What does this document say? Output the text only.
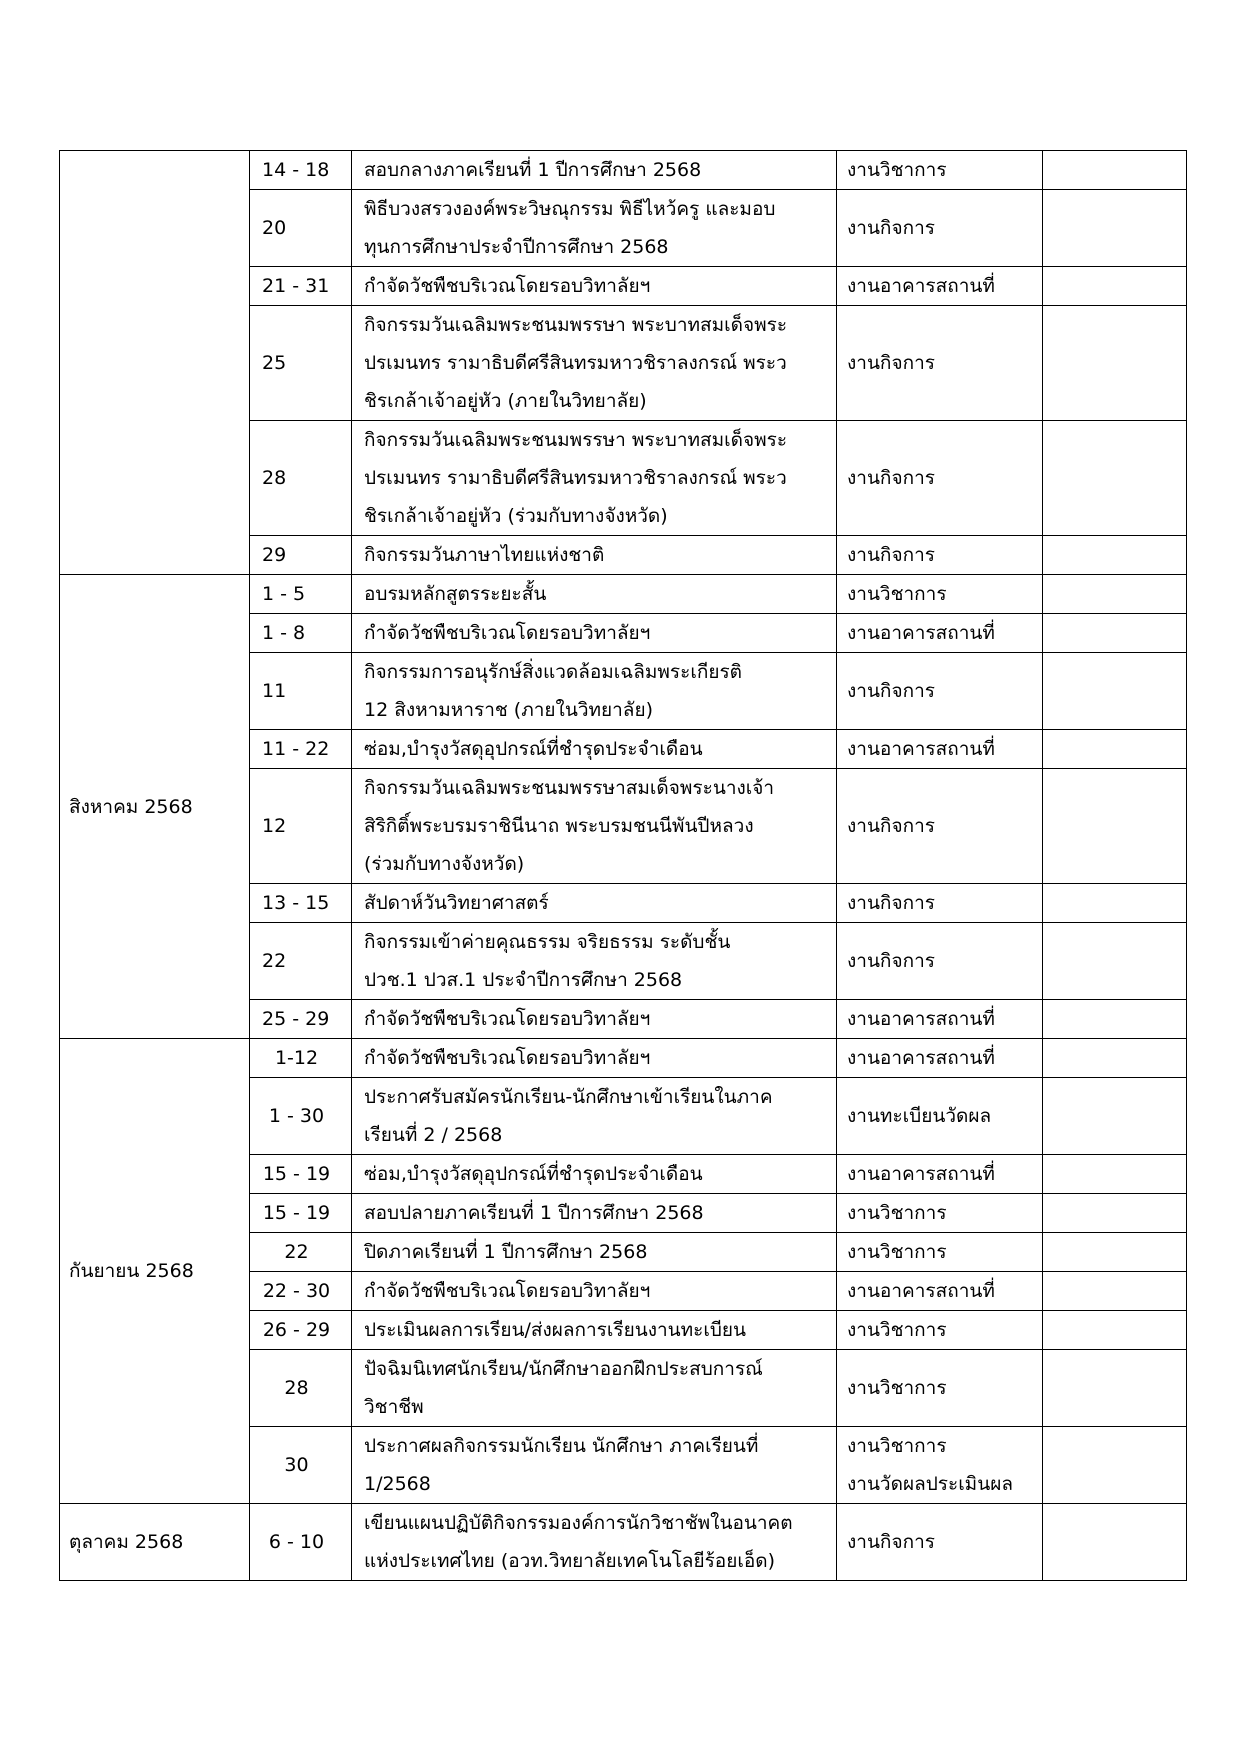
	14 - 18	สอบกลางภาคเรียนที่ 1 ปีการศึกษา 2568	งานวิชาการ	

	20	พิธีบวงสรวงองค์พระวิษณุกรรม พิธีไหว้ครู และมอบ
ทุนการศึกษาประจำปีการศึกษา 2568	งานกิจการ	

	21 - 31	กำจัดวัชพืชบริเวณโดยรอบวิทาลัยฯ	งานอาคารสถานที่	

	25	กิจกรรมวันเฉลิมพระชนมพรรษา พระบาทสมเด็จพระ
ปรเมนทร รามาธิบดีศรีสินทรมหาวชิราลงกรณ์ พระว
ชิรเกล้าเจ้าอยู่หัว (ภายในวิทยาลัย)	งานกิจการ	

	28	กิจกรรมวันเฉลิมพระชนมพรรษา พระบาทสมเด็จพระ
ปรเมนทร รามาธิบดีศรีสินทรมหาวชิราลงกรณ์ พระว
ชิรเกล้าเจ้าอยู่หัว (ร่วมกับทางจังหวัด)	งานกิจการ	

	29	กิจกรรมวันภาษาไทยแห่งชาติ	งานกิจการ	

สิงหาคม 2568	1 - 5	อบรมหลักสูตรระยะสั้น	งานวิชาการ	

	1 - 8	กำจัดวัชพืชบริเวณโดยรอบวิทาลัยฯ	งานอาคารสถานที่	

	11	กิจกรรมการอนุรักษ์สิ่งแวดล้อมเฉลิมพระเกียรติ
12 สิงหามหาราช (ภายในวิทยาลัย)	งานกิจการ	

	11 - 22	ซ่อม,บำรุงวัสดุอุปกรณ์ที่ชำรุดประจำเดือน	งานอาคารสถานที่	

	12	กิจกรรมวันเฉลิมพระชนมพรรษาสมเด็จพระนางเจ้า
สิริกิติ์พระบรมราชินีนาถ พระบรมชนนีพันปีหลวง
(ร่วมกับทางจังหวัด)	งานกิจการ	

	13 - 15	สัปดาห์วันวิทยาศาสตร์	งานกิจการ	

	22	กิจกรรมเข้าค่ายคุณธรรม จริยธรรม ระดับชั้น
ปวช.1 ปวส.1 ประจำปีการศึกษา 2568	งานกิจการ	

	25 - 29	กำจัดวัชพืชบริเวณโดยรอบวิทาลัยฯ	งานอาคารสถานที่	

กันยายน 2568	1-12	กำจัดวัชพืชบริเวณโดยรอบวิทาลัยฯ	งานอาคารสถานที่	

	1 - 30	ประกาศรับสมัครนักเรียน-นักศึกษาเข้าเรียนในภาค
เรียนที่ 2 / 2568	งานทะเบียนวัดผล	

	15 - 19	ซ่อม,บำรุงวัสดุอุปกรณ์ที่ชำรุดประจำเดือน	งานอาคารสถานที่	

	15 - 19	สอบปลายภาคเรียนที่ 1 ปีการศึกษา 2568	งานวิชาการ	

	22	ปิดภาคเรียนที่ 1 ปีการศึกษา 2568	งานวิชาการ	

	22 - 30	กำจัดวัชพืชบริเวณโดยรอบวิทาลัยฯ	งานอาคารสถานที่	

	26 - 29	ประเมินผลการเรียน/ส่งผลการเรียนงานทะเบียน	งานวิชาการ	

	28	ปัจฉิมนิเทศนักเรียน/นักศึกษาออกฝึกประสบการณ์
วิชาชีพ	งานวิชาการ	

	30	ประกาศผลกิจกรรมนักเรียน นักศึกษา ภาคเรียนที่
1/2568	งานวิชาการ
งานวัดผลประเมินผล	

ตุลาคม 2568	6 - 10	เขียนแผนปฏิบัติกิจกรรมองค์การนักวิชาชัพในอนาคต
แห่งประเทศไทย (อวท.วิทยาลัยเทคโนโลยีร้อยเอ็ด)	งานกิจการ	
